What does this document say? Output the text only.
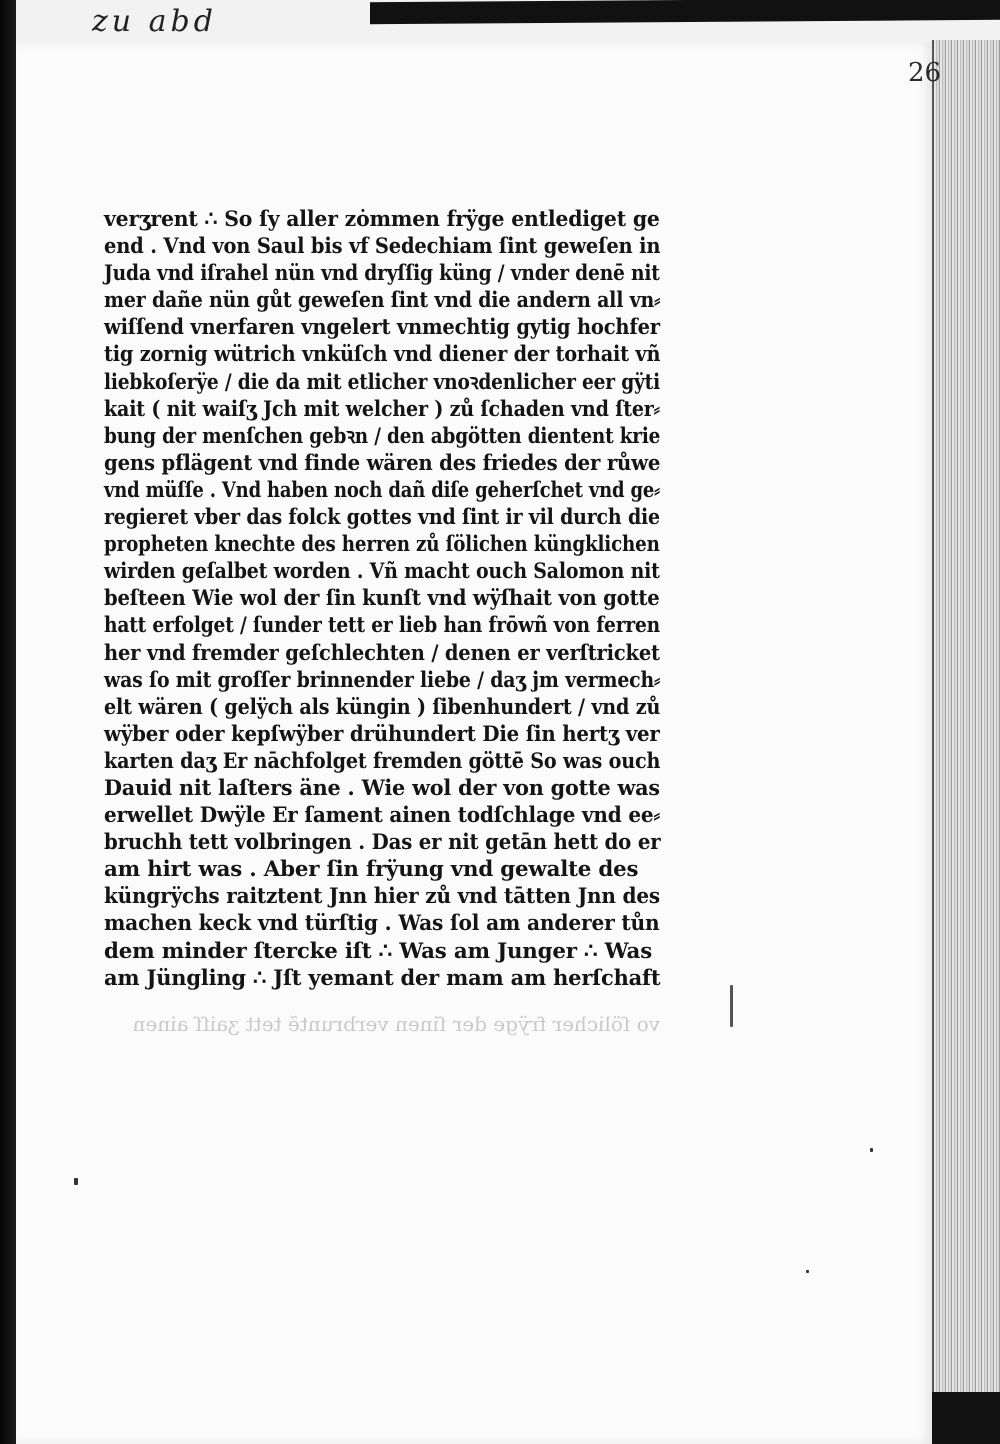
zu abd
26
verʒrent ∴ So ſy aller zȯmmen frÿge entlediget ge
end . Vnd von Saul bis vf Sedechiam ſint geweſen in
Juda vnd iſrahel nün vnd dryſſig küng / vnder denē nit
mer dañe nün gůt geweſen ſint vnd die andern all vn⸗
wiſſend vnerfaren vngelert vnmechtig gytig hochfer
tig zornig wütrich vnküſch vnd diener der torhait vñ
liebkoſerÿe / die da mit etlicher vnoꝛdenlicher eer gÿti
kait ( nit waiſʒ Jch mit welcher ) zů ſchaden vnd ſter⸗
bung der menſchen gebꝛn / den abgötten dientent krie
gens pflägent vnd finde wären des friedes der růwe
vnd müſſe . Vnd haben noch dañ diſe geherſchet vnd ge⸗
regieret vber das folck gottes vnd ſint ir vil durch die
propheten knechte des herren zů ſölichen küngklichen
wirden geſalbet worden . Vñ macht ouch Salomon nit
beſteen Wie wol der ſin kunſt vnd wÿſhait von gotte
hatt erfolget / ſunder tett er lieb han frōwñ von ferren
her vnd fremder geſchlechten / denen er verſtricket
was ſo mit groſſer brinnender liebe / daʒ jm vermech⸗
elt wären ( gelÿch als küngin ) ſibenhundert / vnd zů
wÿber oder kepſwÿber drühundert Die ſin hertʒ ver
karten daʒ Er nāchfolget fremden göttē So was ouch
Dauid nit laſters äne . Wie wol der von gotte was
erwellet Dwÿle Er ſament ainen todſchlage vnd ee⸗
bruchh tett volbringen . Das er nit getān hett do er
am hirt was . Aber ſin frÿung vnd gewalte des
küngrÿchs raitztent Jnn hier zů vnd tātten Jnn des
machen keck vnd türſtig . Was ſol am anderer tůn
dem minder ſtercke iſt ∴ Was am Junger ∴ Was
am Jüngling ∴ Jſt yemant der mam am herſchaft
vo ſölicher frÿge der ſinen verbruntẽ tett ʒaiſſ ainen
